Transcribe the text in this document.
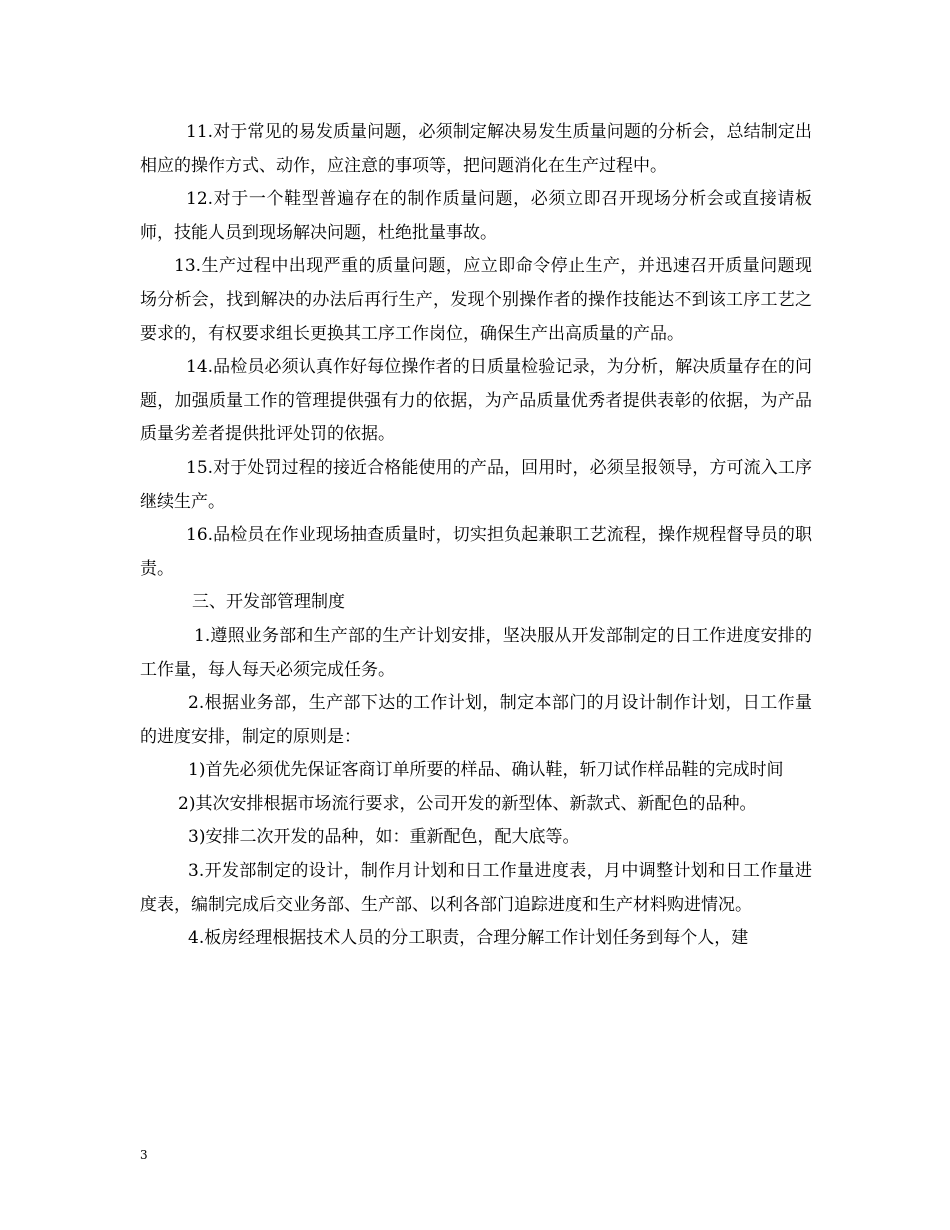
11.对于常见的易发质量问题，必须制定解决易发生质量问题的分析会，总结制定出相应的操作方式、动作，应注意的事项等，把问题消化在生产过程中。

12.对于一个鞋型普遍存在的制作质量问题，必须立即召开现场分析会或直接请板师，技能人员到现场解决问题，杜绝批量事故。

13.生产过程中出现严重的质量问题，应立即命令停止生产，并迅速召开质量问题现场分析会，找到解决的办法后再行生产，发现个别操作者的操作技能达不到该工序工艺之要求的，有权要求组长更换其工序工作岗位，确保生产出高质量的产品。

14.品检员必须认真作好每位操作者的日质量检验记录，为分析，解决质量存在的问题，加强质量工作的管理提供强有力的依据，为产品质量优秀者提供表彰的依据，为产品质量劣差者提供批评处罚的依据。

15.对于处罚过程的接近合格能使用的产品，回用时，必须呈报领导，方可流入工序继续生产。

16.品检员在作业现场抽查质量时，切实担负起兼职工艺流程，操作规程督导员的职责。

三、开发部管理制度

1.遵照业务部和生产部的生产计划安排，坚决服从开发部制定的日工作进度安排的工作量，每人每天必须完成任务。

2.根据业务部，生产部下达的工作计划，制定本部门的月设计制作计划，日工作量的进度安排，制定的原则是：

1)首先必须优先保证客商订单所要的样品、确认鞋，斩刀试作样品鞋的完成时间

2)其次安排根据市场流行要求，公司开发的新型体、新款式、新配色的品种。

3)安排二次开发的品种，如：重新配色，配大底等。

3.开发部制定的设计，制作月计划和日工作量进度表，月中调整计划和日工作量进度表，编制完成后交业务部、生产部、以利各部门追踪进度和生产材料购进情况。

4.板房经理根据技术人员的分工职责，合理分解工作计划任务到每个人，建

3
